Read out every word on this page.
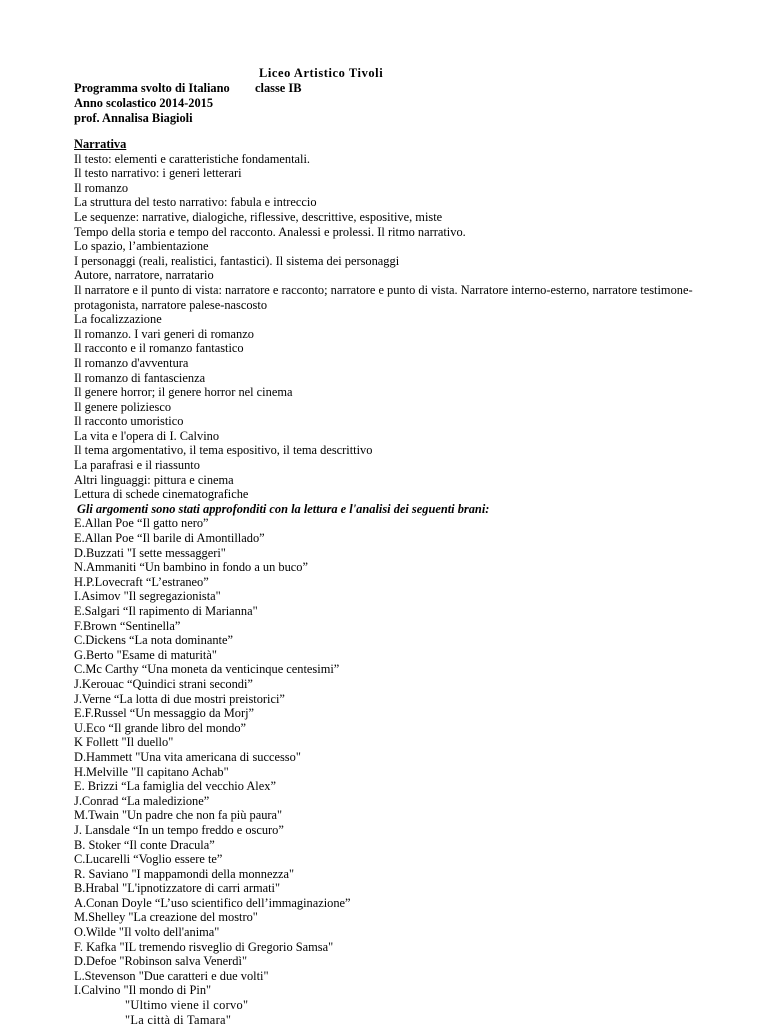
Liceo Artistico Tivoli
Programma svolto di Italiano classe IB
Anno scolastico 2014-2015
prof. Annalisa Biagioli
Narrativa
Il testo: elementi e caratteristiche fondamentali.
Il testo narrativo: i generi letterari
Il romanzo
La struttura del testo narrativo: fabula e intreccio
Le sequenze: narrative, dialogiche, riflessive, descrittive, espositive, miste
Tempo della storia e tempo del racconto. Analessi e prolessi. Il ritmo narrativo.
Lo spazio, l’ambientazione
I personaggi (reali, realistici, fantastici). Il sistema dei personaggi
Autore, narratore, narratario
Il narratore e il punto di vista: narratore e racconto; narratore e punto di vista. Narratore interno-esterno, narratore testimone-protagonista, narratore palese-nascosto
La focalizzazione
Il romanzo. I vari generi di romanzo
Il racconto e il romanzo fantastico
Il romanzo d'avventura
Il romanzo di fantascienza
Il genere horror; il genere horror nel cinema
Il genere poliziesco
Il racconto umoristico
La vita e l'opera di I. Calvino
Il tema argomentativo, il tema espositivo, il tema descrittivo
La parafrasi e il riassunto
Altri linguaggi: pittura e cinema
Lettura di schede cinematografiche
Gli argomenti sono stati approfonditi con la lettura e l'analisi dei seguenti brani:
E.Allan Poe “Il gatto nero”
E.Allan Poe “Il barile di Amontillado”
D.Buzzati "I sette messaggeri"
N.Ammaniti “Un bambino in fondo a un buco”
H.P.Lovecraft “L’estraneo”
I.Asimov "Il segregazionista"
E.Salgari “Il rapimento di Marianna"
F.Brown “Sentinella”
C.Dickens “La nota dominante”
G.Berto "Esame di maturità"
C.Mc Carthy “Una moneta da venticinque centesimi”
J.Kerouac “Quindici strani secondi”
J.Verne “La lotta di due mostri preistorici”
E.F.Russel “Un messaggio da Morj”
U.Eco “Il grande libro del mondo”
K Follett "Il duello"
D.Hammett "Una vita americana di successo"
H.Melville "Il capitano Achab"
E. Brizzi “La famiglia del vecchio Alex”
J.Conrad “La maledizione”
M.Twain "Un padre che non fa più paura"
J. Lansdale “In un tempo freddo e oscuro”
B. Stoker “Il conte Dracula”
C.Lucarelli “Voglio essere te”
R. Saviano "I mappamondi della monnezza"
B.Hrabal "L'ipnotizzatore di carri armati"
A.Conan Doyle “L’uso scientifico dell’immaginazione”
M.Shelley "La creazione del mostro"
O.Wilde "Il volto dell'anima"
F. Kafka "IL tremendo risveglio di Gregorio Samsa"
D.Defoe "Robinson salva Venerdì"
L.Stevenson "Due caratteri e due volti"
I.Calvino "Il mondo di Pin"
"Ultimo viene il corvo"
"La città di Tamara"
